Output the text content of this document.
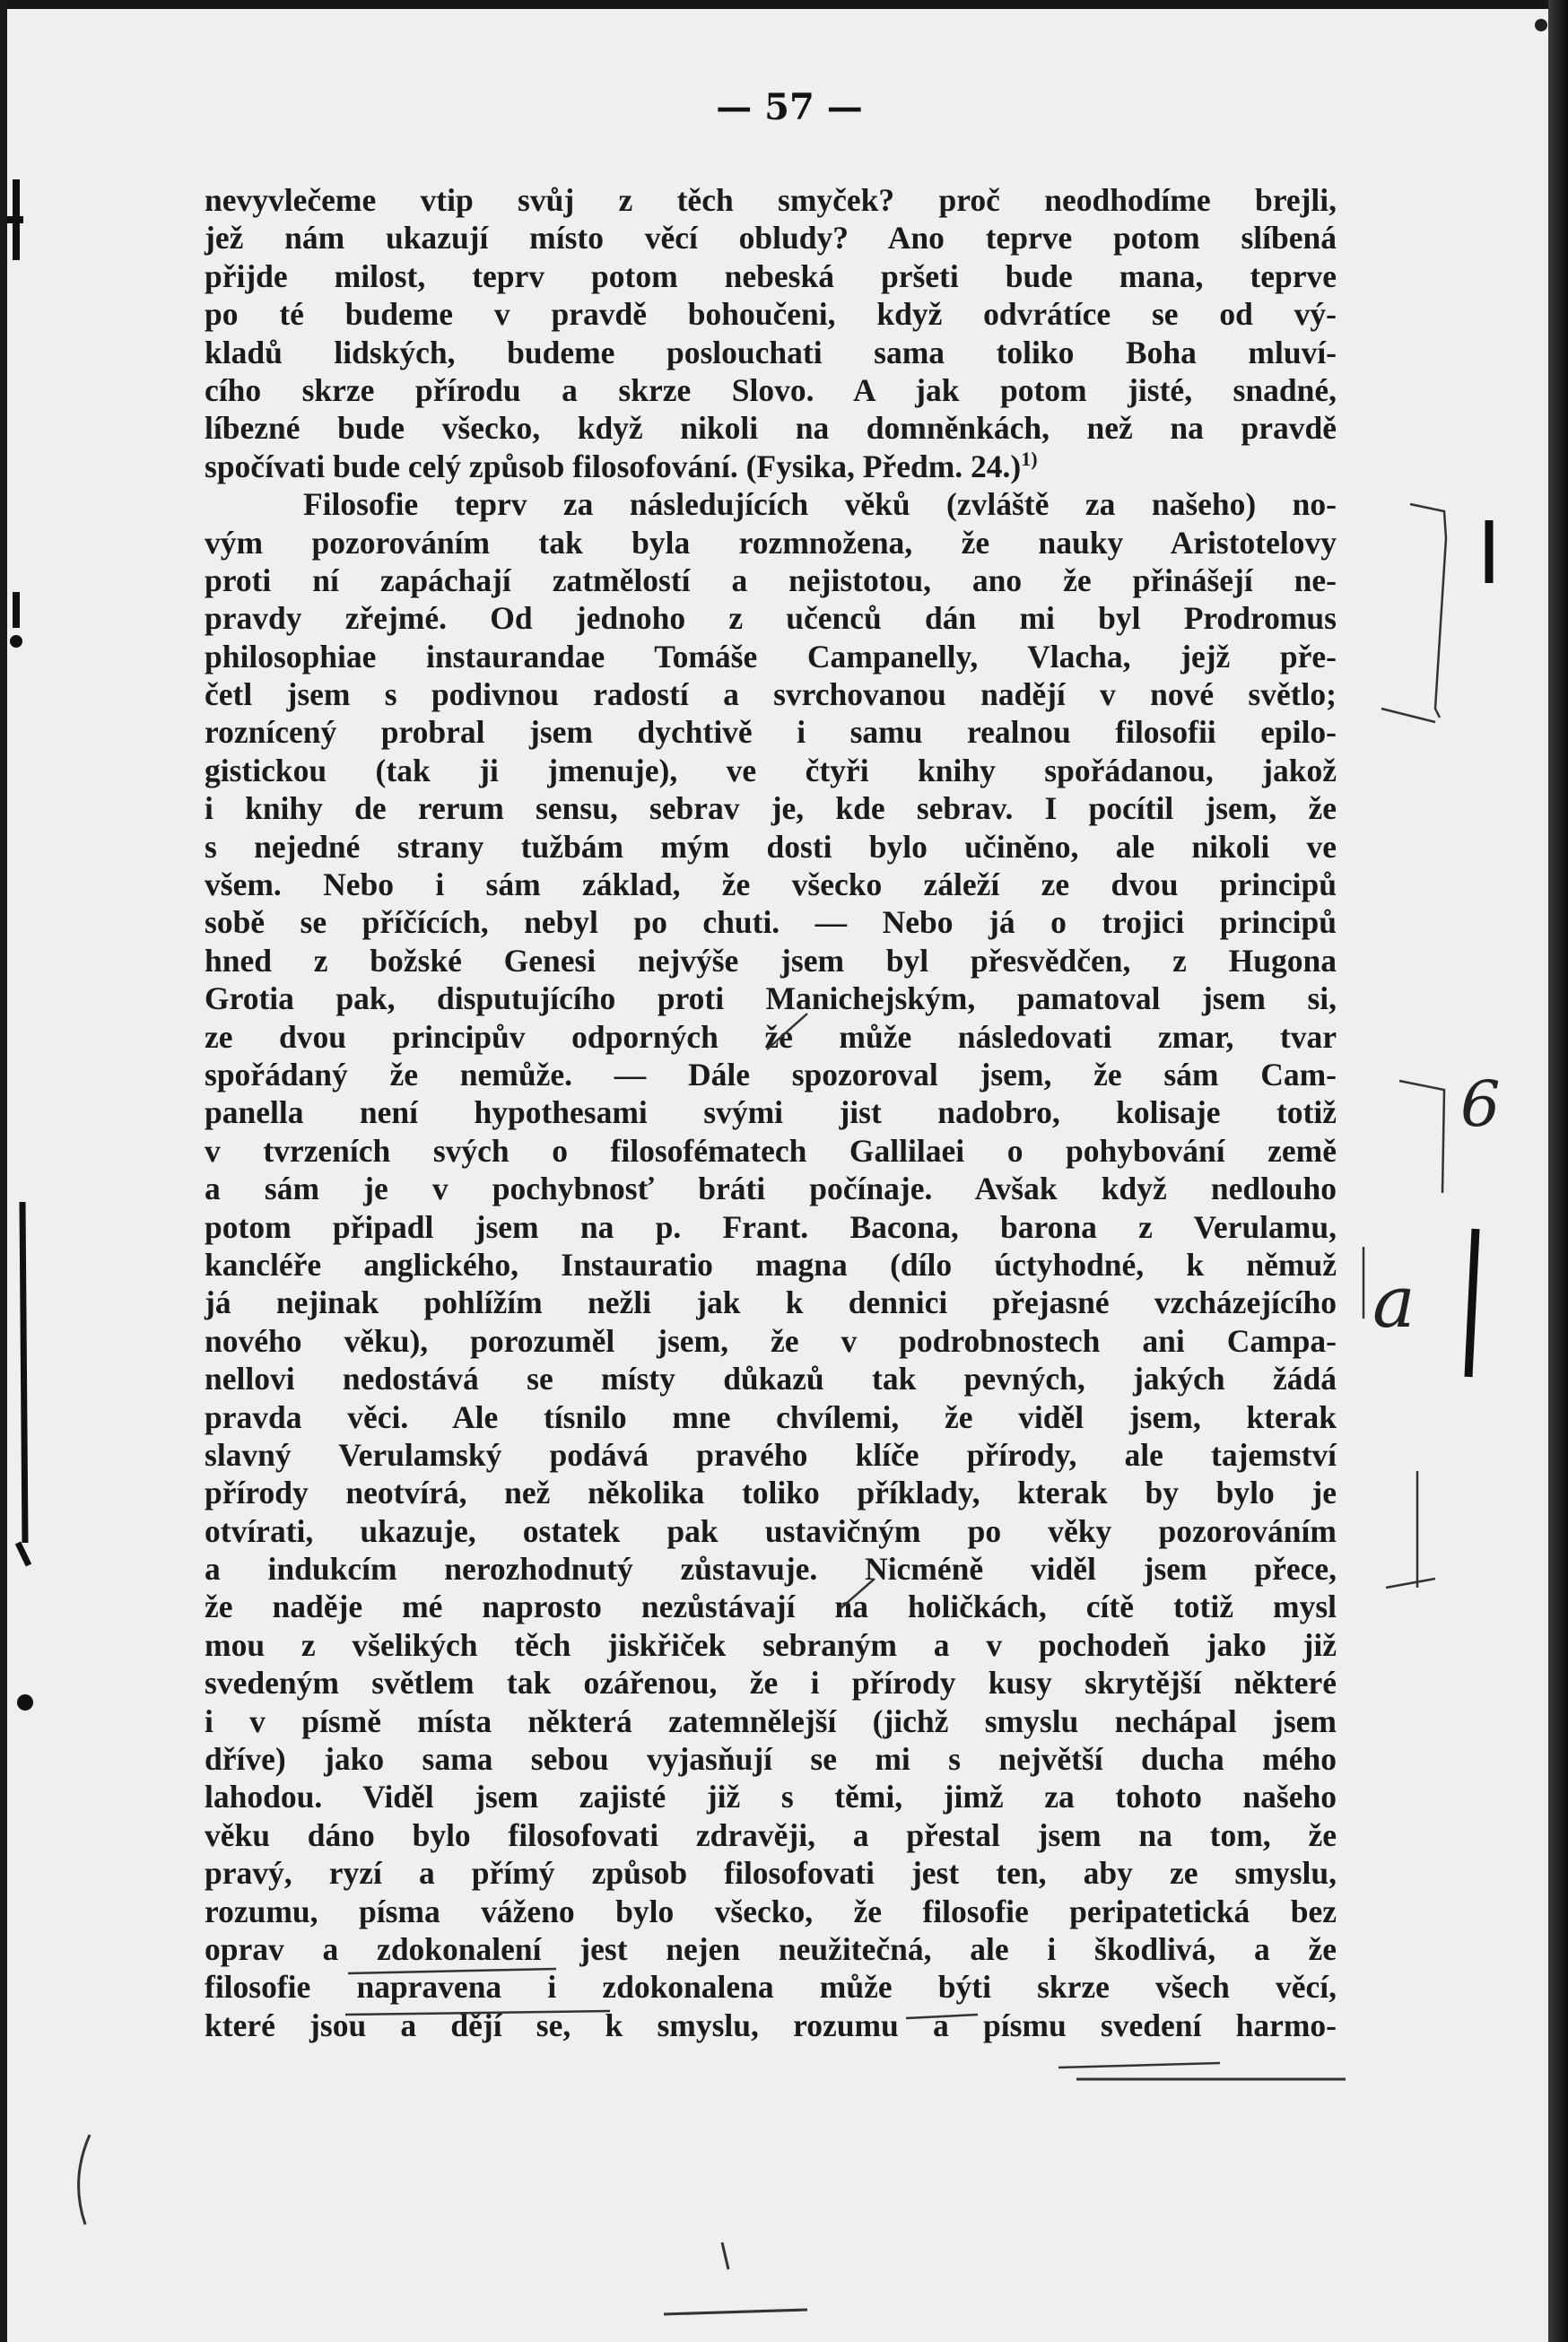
— 57 —
nevyvlečeme vtip svůj z těch smyček? proč neodhodíme brejli,
jež nám ukazují místo věcí obludy? Ano teprve potom slíbená
přijde milost, teprv potom nebeská pršeti bude mana, teprve
po té budeme v pravdě bohoučeni, když odvrátíce se od vý-
kladů lidských, budeme poslouchati sama toliko Boha mluví-
cího skrze přírodu a skrze Slovo. A jak potom jisté, snadné,
líbezné bude všecko, když nikoli na domněnkách, než na pravdě
spočívati bude celý způsob filosofování. (Fysika, Předm. 24.)$^{1)}$
Filosofie teprv za následujících věků (zvláště za našeho) no-
vým pozorováním tak byla rozmnožena, že nauky Aristotelovy
proti ní zapáchají zatmělostí a nejistotou, ano že přinášejí ne-
pravdy zřejmé. Od jednoho z učenců dán mi byl Prodromus
philosophiae instaurandae Tomáše Campanelly, Vlacha, jejž pře-
četl jsem s podivnou radostí a svrchovanou nadějí v nové světlo;
roznícený probral jsem dychtivě i samu realnou filosofii epilo-
gistickou (tak ji jmenuje), ve čtyři knihy spořádanou, jakož
i knihy de rerum sensu, sebrav je, kde sebrav. I pocítil jsem, že
s nejedné strany tužbám mým dosti bylo učiněno, ale nikoli ve
všem. Nebo i sám základ, že všecko záleží ze dvou principů
sobě se příčících, nebyl po chuti. — Nebo já o trojici principů
hned z božské Genesi nejvýše jsem byl přesvědčen, z Hugona
Grotia pak, disputujícího proti Manichejským, pamatoval jsem si,
ze dvou principův odporných že může následovati zmar, tvar
spořádaný že nemůže. — Dále spozoroval jsem, že sám Cam-
panella není hypothesami svými jist nadobro, kolisaje totiž
v tvrzeních svých o filosofématech Gallilaei o pohybování země
a sám je v pochybnosť bráti počínaje. Avšak když nedlouho
potom připadl jsem na p. Frant. Bacona, barona z Verulamu,
kancléře anglického, Instauratio magna (dílo úctyhodné, k němuž
já nejinak pohlížím nežli jak k dennici přejasné vzcházejícího
nového věku), porozuměl jsem, že v podrobnostech ani Campa-
nellovi nedostává se místy důkazů tak pevných, jakých žádá
pravda věci. Ale tísnilo mne chvílemi, že viděl jsem, kterak
slavný Verulamský podává pravého klíče přírody, ale tajemství
přírody neotvírá, než několika toliko příklady, kterak by bylo je
otvírati, ukazuje, ostatek pak ustavičným po věky pozorováním
a indukcím nerozhodnutý zůstavuje. Nicméně viděl jsem přece,
že naděje mé naprosto nezůstávají na holičkách, cítě totiž mysl
mou z všelikých těch jiskřiček sebraným a v pochodeň jako již
svedeným světlem tak ozářenou, že i přírody kusy skrytější některé
i v písmě místa některá zatemnělejší (jichž smyslu nechápal jsem
dříve) jako sama sebou vyjasňují se mi s největší ducha mého
lahodou. Viděl jsem zajisté již s těmi, jimž za tohoto našeho
věku dáno bylo filosofovati zdravěji, a přestal jsem na tom, že
pravý, ryzí a přímý způsob filosofovati jest ten, aby ze smyslu,
rozumu, písma váženo bylo všecko, že filosofie peripatetická bez
oprav a zdokonalení jest nejen neužitečná, ale i škodlivá, a že
filosofie napravena i zdokonalena může býti skrze všech věcí,
které jsou a dějí se, k smyslu, rozumu a písmu svedení harmo-
6
a
